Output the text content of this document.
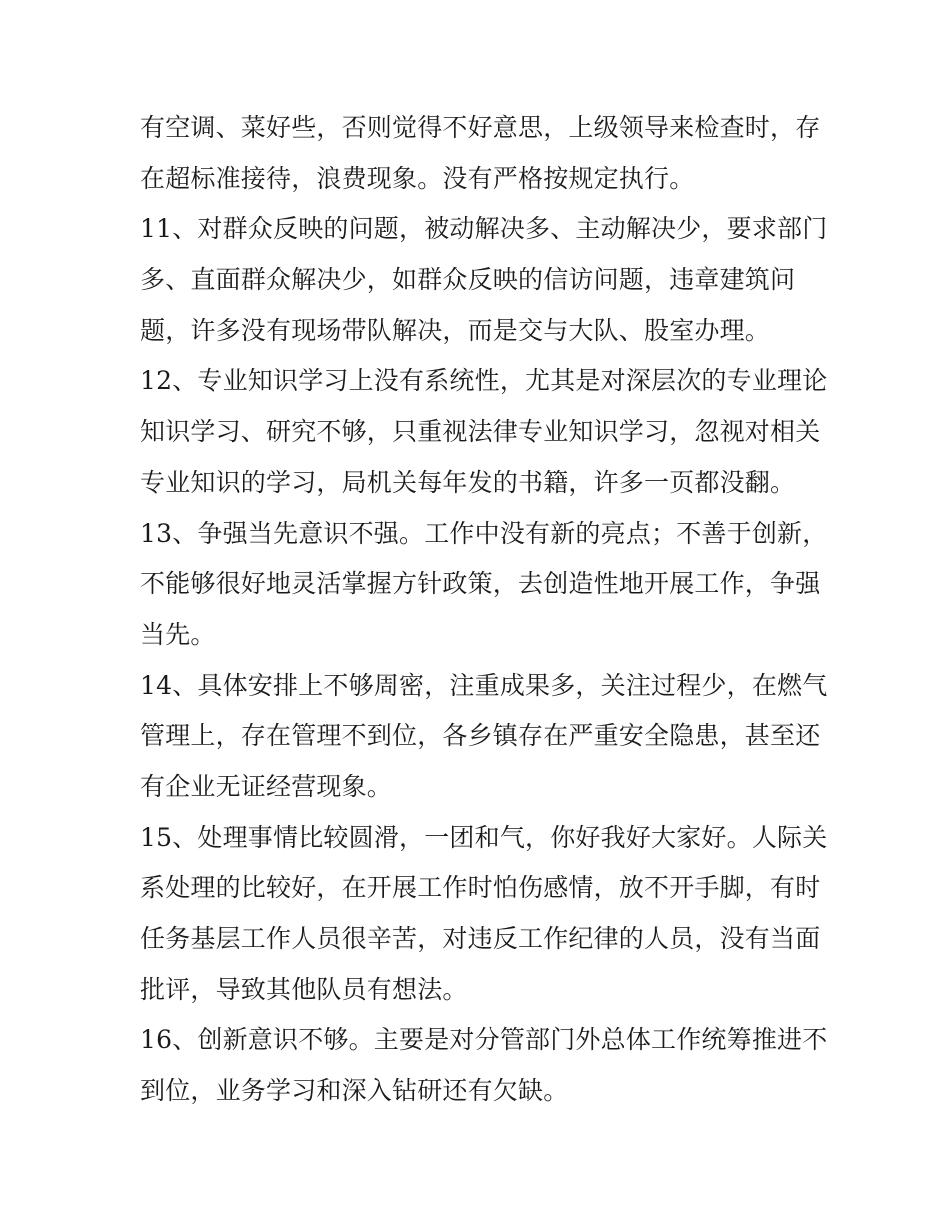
有空调、菜好些，否则觉得不好意思，上级领导来检查时，存
在超标准接待，浪费现象。没有严格按规定执行。

11、对群众反映的问题，被动解决多、主动解决少，要求部门
多、直面群众解决少，如群众反映的信访问题，违章建筑问
题，许多没有现场带队解决，而是交与大队、股室办理。

12、专业知识学习上没有系统性，尤其是对深层次的专业理论
知识学习、研究不够，只重视法律专业知识学习，忽视对相关
专业知识的学习，局机关每年发的书籍，许多一页都没翻。

13、争强当先意识不强。工作中没有新的亮点；不善于创新，
不能够很好地灵活掌握方针政策，去创造性地开展工作，争强
当先。

14、具体安排上不够周密，注重成果多，关注过程少，在燃气
管理上，存在管理不到位，各乡镇存在严重安全隐患，甚至还
有企业无证经营现象。

15、处理事情比较圆滑，一团和气，你好我好大家好。人际关
系处理的比较好，在开展工作时怕伤感情，放不开手脚，有时
任务基层工作人员很辛苦，对违反工作纪律的人员，没有当面
批评，导致其他队员有想法。

16、创新意识不够。主要是对分管部门外总体工作统筹推进不
到位，业务学习和深入钻研还有欠缺。
